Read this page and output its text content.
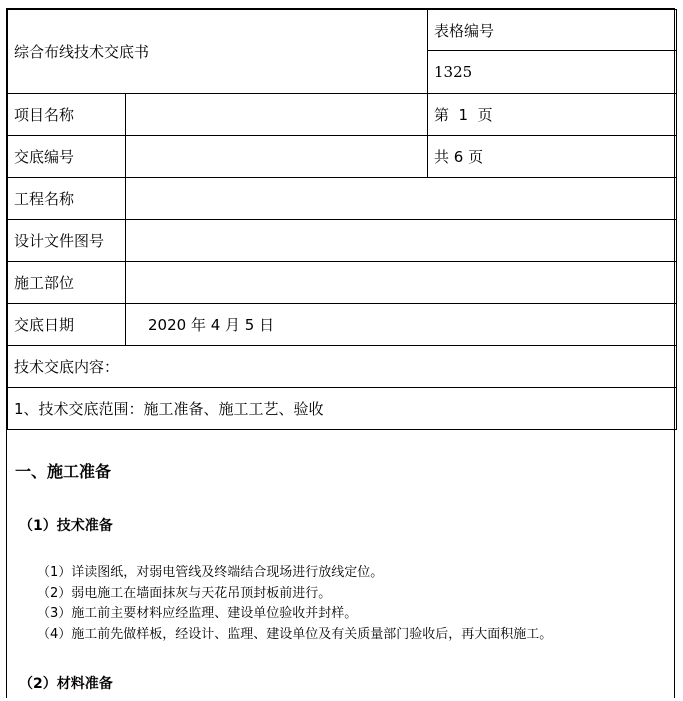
综合布线技术交底书		表格编号
		1325
项目名称		第  1  页
交底编号		共 6 页
工程名称		
设计文件图号		
施工部位		
交底日期	2020 年 4 月 5 日	
技术交底内容：		
1、技术交底范围：施工准备、施工工艺、验收		
一、施工准备
（1）技术准备
（1）详读图纸，对弱电管线及终端结合现场进行放线定位。
（2）弱电施工在墙面抹灰与天花吊顶封板前进行。
（3）施工前主要材料应经监理、建设单位验收并封样。
（4）施工前先做样板，经设计、监理、建设单位及有关质量部门验收后，再大面积施工。
（2）材料准备
